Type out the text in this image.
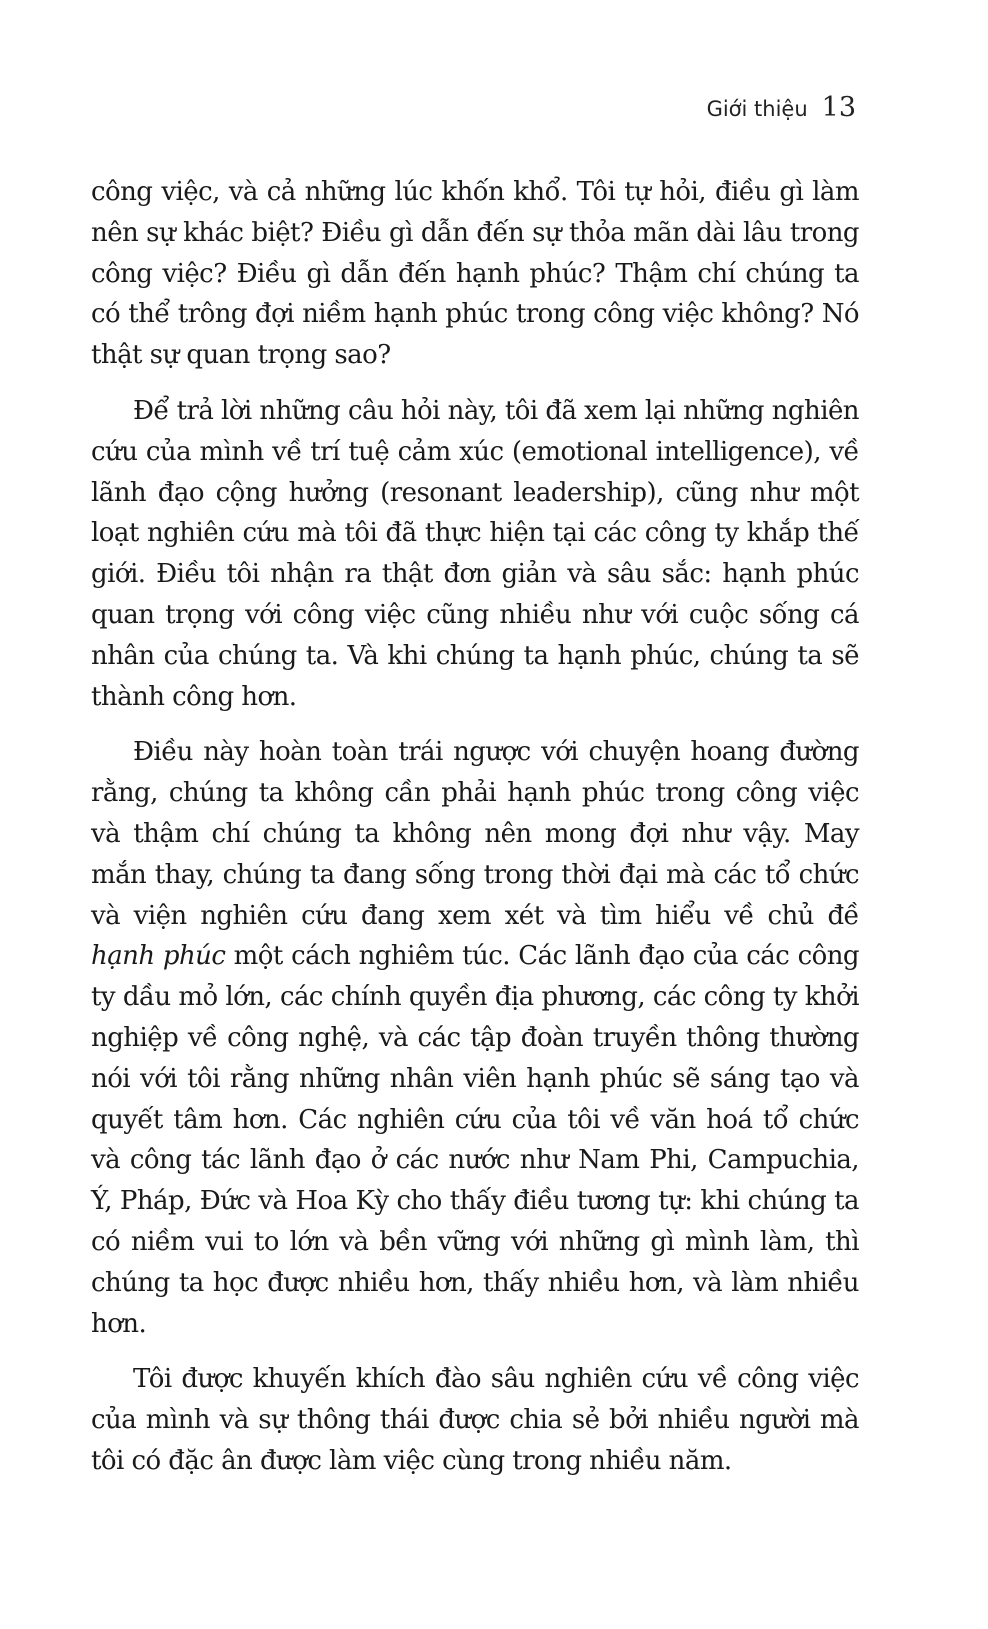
Giới thiệu 13

công việc, và cả những lúc khốn khổ. Tôi tự hỏi, điều gì làm nên sự khác biệt? Điều gì dẫn đến sự thỏa mãn dài lâu trong công việc? Điều gì dẫn đến hạnh phúc? Thậm chí chúng ta có thể trông đợi niềm hạnh phúc trong công việc không? Nó thật sự quan trọng sao?

Để trả lời những câu hỏi này, tôi đã xem lại những nghiên cứu của mình về trí tuệ cảm xúc (emotional intelligence), về lãnh đạo cộng hưởng (resonant leadership), cũng như một loạt nghiên cứu mà tôi đã thực hiện tại các công ty khắp thế giới. Điều tôi nhận ra thật đơn giản và sâu sắc: hạnh phúc quan trọng với công việc cũng nhiều như với cuộc sống cá nhân của chúng ta. Và khi chúng ta hạnh phúc, chúng ta sẽ thành công hơn.

Điều này hoàn toàn trái ngược với chuyện hoang đường rằng, chúng ta không cần phải hạnh phúc trong công việc và thậm chí chúng ta không nên mong đợi như vậy. May mắn thay, chúng ta đang sống trong thời đại mà các tổ chức và viện nghiên cứu đang xem xét và tìm hiểu về chủ đề hạnh phúc một cách nghiêm túc. Các lãnh đạo của các công ty dầu mỏ lớn, các chính quyền địa phương, các công ty khởi nghiệp về công nghệ, và các tập đoàn truyền thông thường nói với tôi rằng những nhân viên hạnh phúc sẽ sáng tạo và quyết tâm hơn. Các nghiên cứu của tôi về văn hoá tổ chức và công tác lãnh đạo ở các nước như Nam Phi, Campuchia, Ý, Pháp, Đức và Hoa Kỳ cho thấy điều tương tự: khi chúng ta có niềm vui to lớn và bền vững với những gì mình làm, thì chúng ta học được nhiều hơn, thấy nhiều hơn, và làm nhiều hơn.

Tôi được khuyến khích đào sâu nghiên cứu về công việc của mình và sự thông thái được chia sẻ bởi nhiều người mà tôi có đặc ân được làm việc cùng trong nhiều năm.
